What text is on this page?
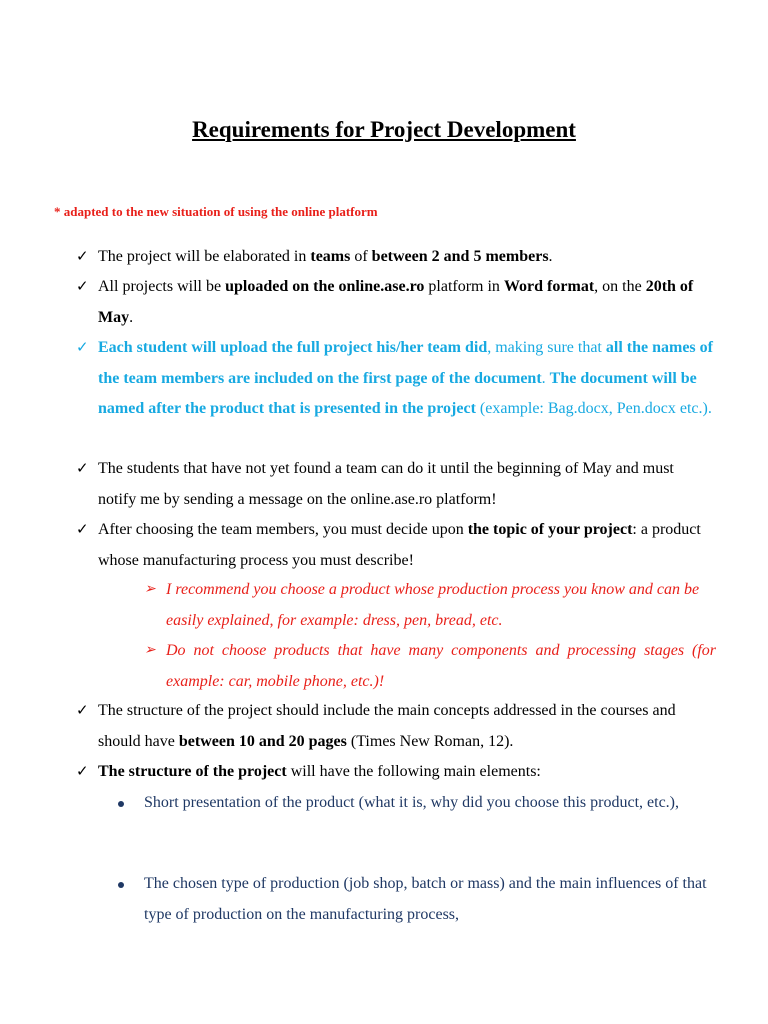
Requirements for Project Development
* adapted to the new situation of using the online platform
✓ The project will be elaborated in teams of between 2 and 5 members.
✓ All projects will be uploaded on the online.ase.ro platform in Word format, on the 20th of May.
✓ Each student will upload the full project his/her team did, making sure that all the names of the team members are included on the first page of the document. The document will be named after the product that is presented in the project (example: Bag.docx, Pen.docx etc.).
✓ The students that have not yet found a team can do it until the beginning of May and must notify me by sending a message on the online.ase.ro platform!
✓ After choosing the team members, you must decide upon the topic of your project: a product whose manufacturing process you must describe!
➢ I recommend you choose a product whose production process you know and can be easily explained, for example: dress, pen, bread, etc.
➢ Do not choose products that have many components and processing stages (for example: car, mobile phone, etc.)!
✓ The structure of the project should include the main concepts addressed in the courses and should have between 10 and 20 pages (Times New Roman, 12).
✓ The structure of the project will have the following main elements:
Short presentation of the product (what it is, why did you choose this product, etc.),
The chosen type of production (job shop, batch or mass) and the main influences of that type of production on the manufacturing process,
